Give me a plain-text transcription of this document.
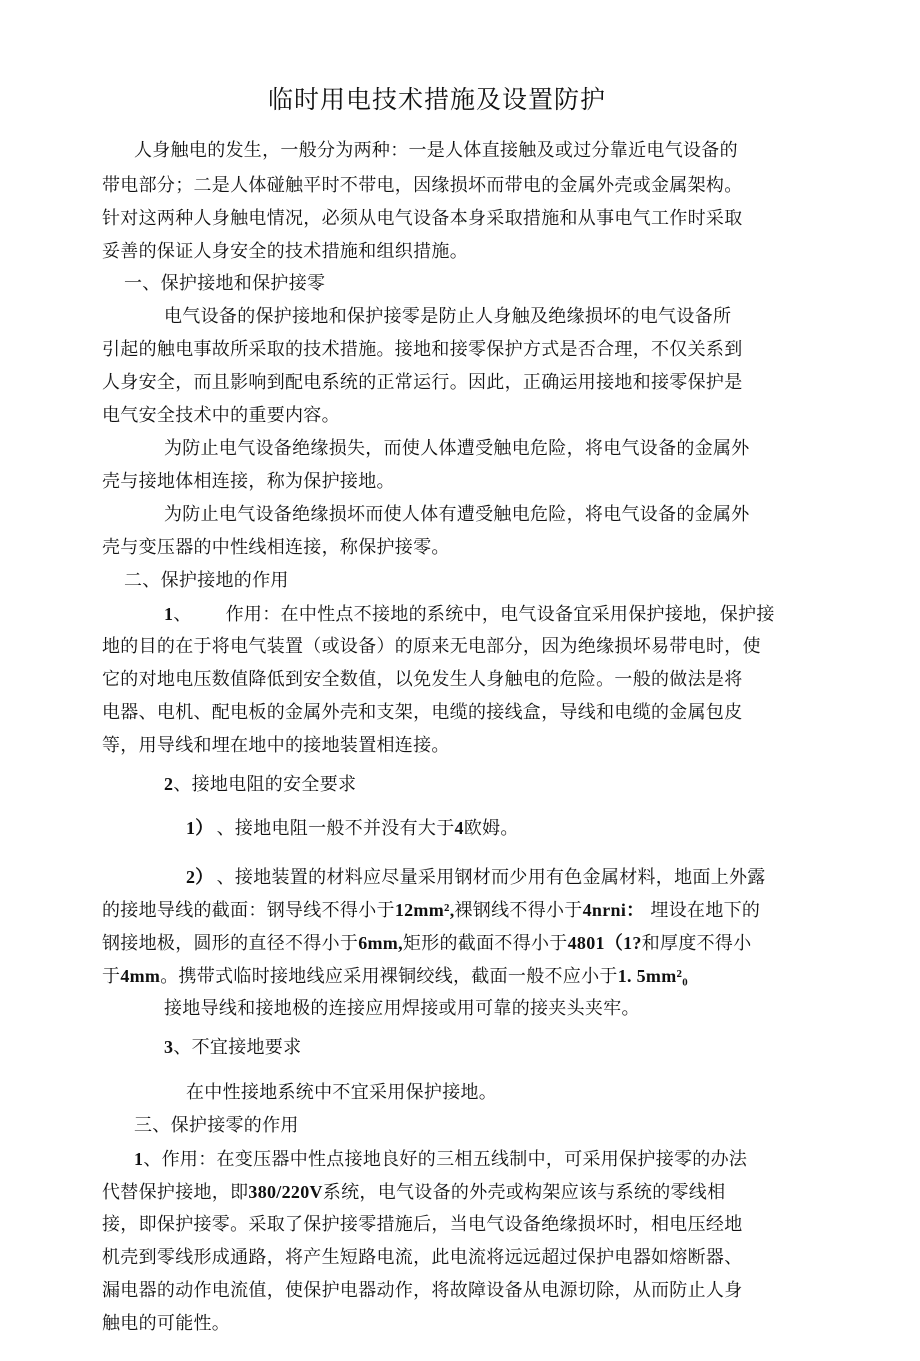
临时用电技术措施及设置防护

人身触电的发生，一般分为两种：一是人体直接触及或过分靠近电气设备的

带电部分；二是人体碰触平时不带电，因缘损坏而带电的金属外壳或金属架构。

针对这两种人身触电情况，必须从电气设备本身采取措施和从事电气工作时采取

妥善的保证人身安全的技术措施和组织措施。

一、保护接地和保护接零

电气设备的保护接地和保护接零是防止人身触及绝缘损坏的电气设备所

引起的触电事故所采取的技术措施。接地和接零保护方式是否合理，不仅关系到

人身安全，而且影响到配电系统的正常运行。因此，正确运用接地和接零保护是

电气安全技术中的重要内容。

为防止电气设备绝缘损失，而使人体遭受触电危险，将电气设备的金属外

壳与接地体相连接，称为保护接地。

为防止电气设备绝缘损坏而使人体有遭受触电危险，将电气设备的金属外

壳与变压器的中性线相连接，称保护接零。

二、保护接地的作用

1、 作用：在中性点不接地的系统中，电气设备宜采用保护接地，保护接

地的目的在于将电气装置（或设备）的原来无电部分，因为绝缘损坏易带电时，使

它的对地电压数值降低到安全数值，以免发生人身触电的危险。一般的做法是将

电器、电机、配电板的金属外壳和支架，电缆的接线盒，导线和电缆的金属包皮

等，用导线和埋在地中的接地装置相连接。

2、接地电阻的安全要求

1） 、接地电阻一般不并没有大于4欧姆。

2） 、接地装置的材料应尽量采用钢材而少用有色金属材料，地面上外露

的接地导线的截面：钢导线不得小于12mm²,裸钢线不得小于4nrni： 埋设在地下的

钢接地极，圆形的直径不得小于6mm,矩形的截面不得小于4801（1?和厚度不得小

于4mm。携带式临时接地线应采用裸铜绞线，截面一般不应小于1. 5mm²₀

接地导线和接地极的连接应用焊接或用可靠的接夹头夹牢。

3、不宜接地要求

在中性接地系统中不宜采用保护接地。

三、保护接零的作用

1、作用：在变压器中性点接地良好的三相五线制中，可采用保护接零的办法

代替保护接地，即380/220V系统，电气设备的外壳或构架应该与系统的零线相

接，即保护接零。采取了保护接零措施后，当电气设备绝缘损坏时，相电压经地

机壳到零线形成通路，将产生短路电流，此电流将远远超过保护电器如熔断器、

漏电器的动作电流值，使保护电器动作，将故障设备从电源切除，从而防止人身

触电的可能性。
